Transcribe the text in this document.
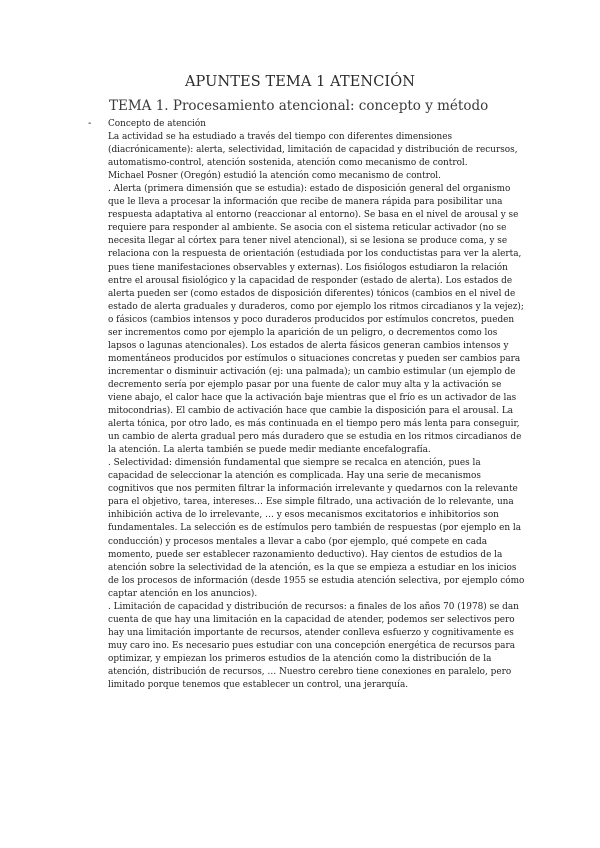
APUNTES TEMA 1 ATENCIÓN
TEMA 1. Procesamiento atencional: concepto y método
- Concepto de atención

La actividad se ha estudiado a través del tiempo con diferentes dimensiones (diacrónicamente): alerta, selectividad, limitación de capacidad y distribución de recursos, automatismo-control, atención sostenida, atención como mecanismo de control.

Michael Posner (Oregón) estudió la atención como mecanismo de control.

. Alerta (primera dimensión que se estudia): estado de disposición general del organismo que le lleva a procesar la información que recibe de manera rápida para posibilitar una respuesta adaptativa al entorno (reaccionar al entorno). Se basa en el nivel de arousal y se requiere para responder al ambiente. Se asocia con el sistema reticular activador (no se necesita llegar al córtex para tener nivel atencional), si se lesiona se produce coma, y se relaciona con la respuesta de orientación (estudiada por los conductistas para ver la alerta, pues tiene manifestaciones observables y externas). Los fisiólogos estudiaron la relación entre el arousal fisiológico y la capacidad de responder (estado de alerta). Los estados de alerta pueden ser (como estados de disposición diferentes) tónicos (cambios en el nivel de estado de alerta graduales y duraderos, como por ejemplo los ritmos circadianos y la vejez); o fásicos (cambios intensos y poco duraderos producidos por estímulos concretos, pueden ser incrementos como por ejemplo la aparición de un peligro, o decrementos como los lapsos o lagunas atencionales). Los estados de alerta fásicos generan cambios intensos y momentáneos producidos por estímulos o situaciones concretas y pueden ser cambios para incrementar o disminuir activación (ej: una palmada); un cambio estimular (un ejemplo de decremento sería por ejemplo pasar por una fuente de calor muy alta y la activación se viene abajo, el calor hace que la activación baje mientras que el frío es un activador de las mitocondrias). El cambio de activación hace que cambie la disposición para el arousal. La alerta tónica, por otro lado, es más continuada en el tiempo pero más lenta para conseguir, un cambio de alerta gradual pero más duradero que se estudia en los ritmos circadianos de la atención. La alerta también se puede medir mediante encefalografía.

. Selectividad: dimensión fundamental que siempre se recalca en atención, pues la capacidad de seleccionar la atención es complicada. Hay una serie de mecanismos cognitivos que nos permiten filtrar la información irrelevante y quedarnos con la relevante para el objetivo, tarea, intereses… Ese simple filtrado, una activación de lo relevante, una inhibición activa de lo irrelevante, … y esos mecanismos excitatorios e inhibitorios son fundamentales. La selección es de estímulos pero también de respuestas (por ejemplo en la conducción) y procesos mentales a llevar a cabo (por ejemplo, qué compete en cada momento, puede ser establecer razonamiento deductivo). Hay cientos de estudios de la atención sobre la selectividad de la atención, es la que se empieza a estudiar en los inicios de los procesos de información (desde 1955 se estudia atención selectiva, por ejemplo cómo captar atención en los anuncios).

. Limitación de capacidad y distribución de recursos: a finales de los años 70 (1978) se dan cuenta de que hay una limitación en la capacidad de atender, podemos ser selectivos pero hay una limitación importante de recursos, atender conlleva esfuerzo y cognitivamente es muy caro ino. Es necesario pues estudiar con una concepción energética de recursos para optimizar, y empiezan los primeros estudios de la atención como la distribución de la atención, distribución de recursos, … Nuestro cerebro tiene conexiones en paralelo, pero limitado porque tenemos que establecer un control, una jerarquía.
